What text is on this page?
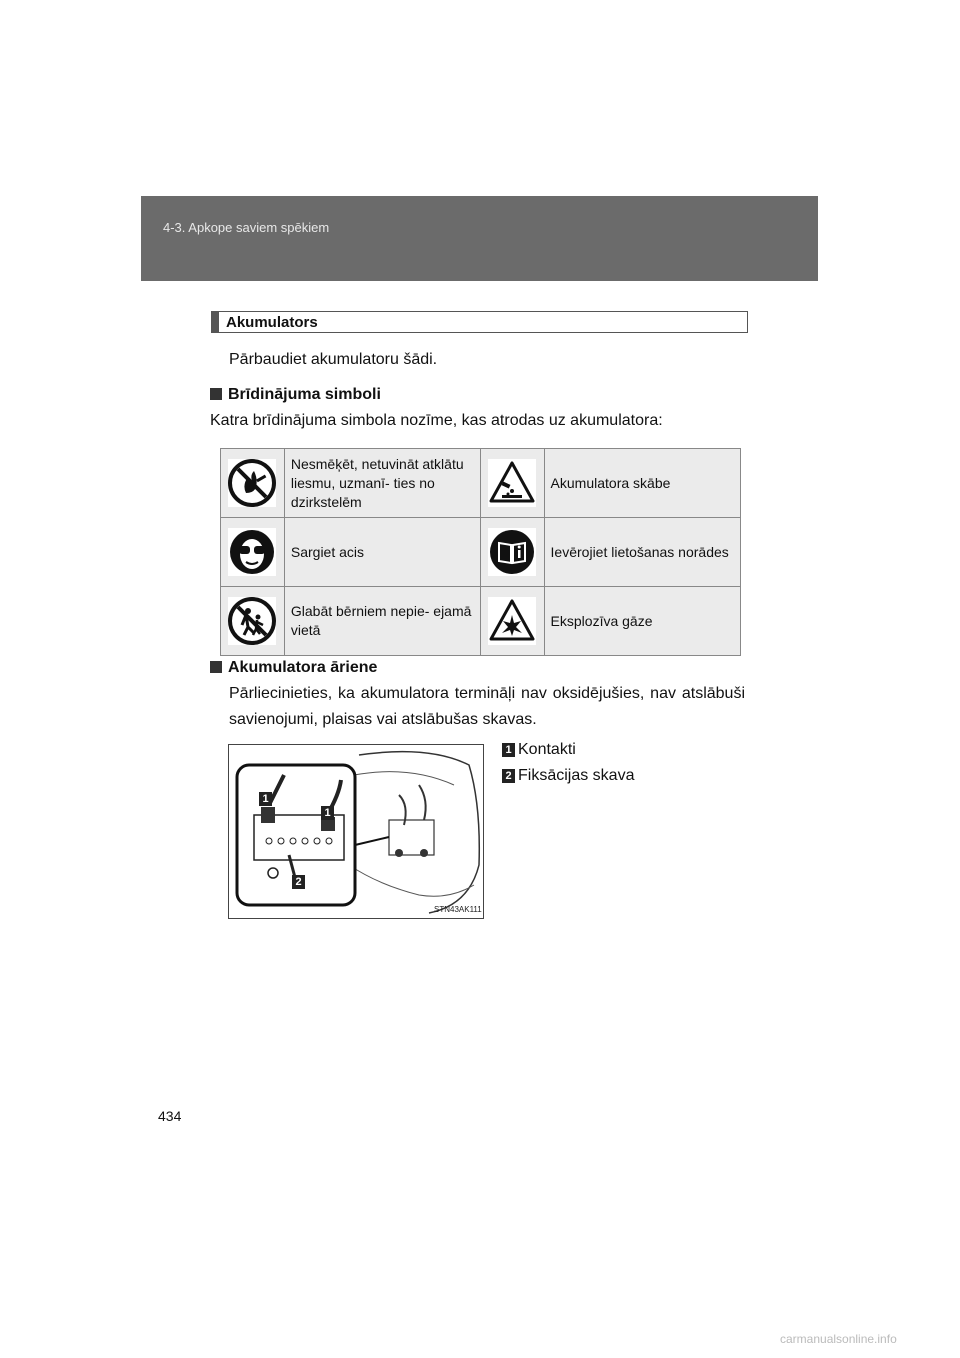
4-3. Apkope saviem spēkiem
Akumulators
Pārbaudiet akumulatoru šādi.
Brīdinājuma simboli
Katra brīdinājuma simbola nozīme, kas atrodas uz akumulatora:
	Nesmēķēt, netuvināt atklātu liesmu, uzmanī- ties no dzirkstelēm		Akumulatora skābe
	Sargiet acis		Ievērojiet lietošanas norādes
	Glabāt bērniem nepie- ejamā vietā		Eksplozīva gāze
Akumulatora āriene
Pārliecinieties, ka akumulatora termināļi nav oksidējušies, nav atslābuši savienojumi, plaisas vai atslābušas skavas.
1
1
2
STN43AK111
1 Kontakti
2 Fiksācijas skava
434
carmanualsonline.info
